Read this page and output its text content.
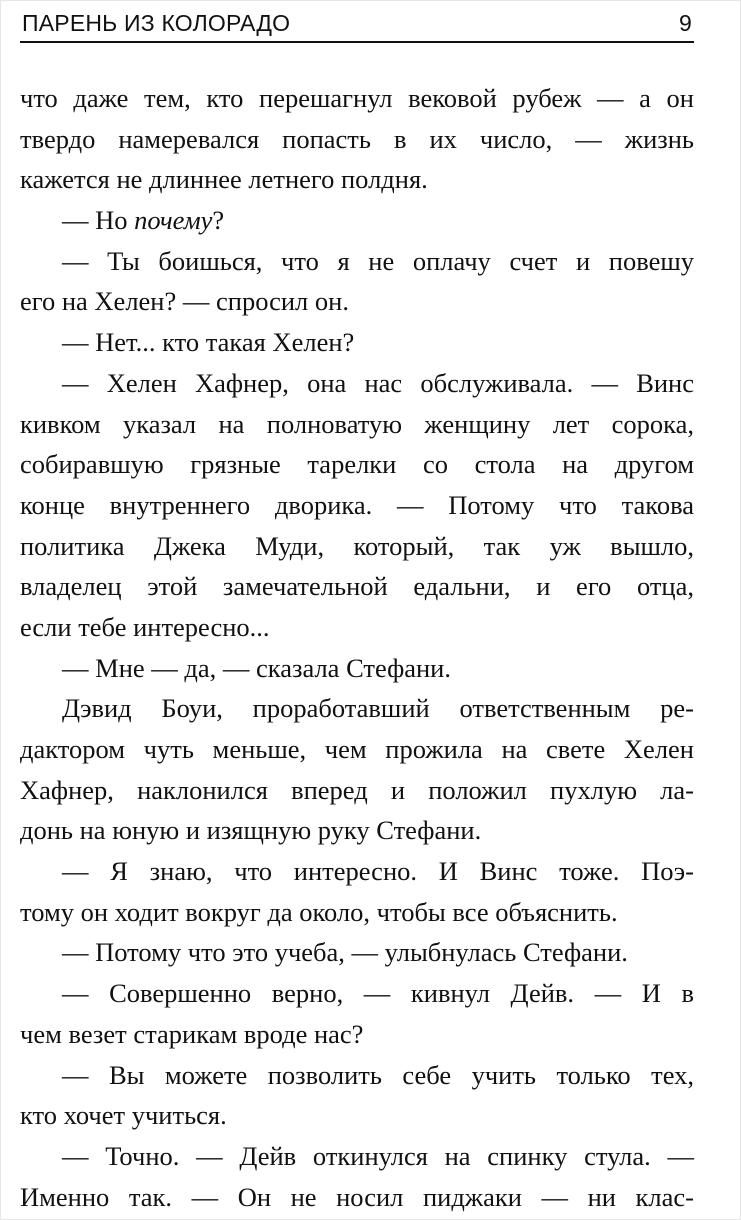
ПАРЕНЬ ИЗ КОЛОРАДО	9
что даже тем, кто перешагнул вековой рубеж — а он
твердо намеревался попасть в их число, — жизнь
кажется не длиннее летнего полдня.
— Но почему?
— Ты боишься, что я не оплачу счет и повешу
его на Хелен? — спросил он.
— Нет... кто такая Хелен?
— Хелен Хафнер, она нас обслуживала. — Винс
кивком указал на полноватую женщину лет сорока,
собиравшую грязные тарелки со стола на другом
конце внутреннего дворика. — Потому что такова
политика Джека Муди, который, так уж вышло,
владелец этой замечательной едальни, и его отца,
если тебе интересно...
— Мне — да, — сказала Стефани.
Дэвид Боуи, проработавший ответственным ре-
дактором чуть меньше, чем прожила на свете Хелен
Хафнер, наклонился вперед и положил пухлую ла-
донь на юную и изящную руку Стефани.
— Я знаю, что интересно. И Винс тоже. Поэ-
тому он ходит вокруг да около, чтобы все объяснить.
— Потому что это учеба, — улыбнулась Стефани.
— Совершенно верно, — кивнул Дейв. — И в
чем везет старикам вроде нас?
— Вы можете позволить себе учить только тех,
кто хочет учиться.
— Точно. — Дейв откинулся на спинку стула. —
Именно так. — Он не носил пиджаки — ни клас-
